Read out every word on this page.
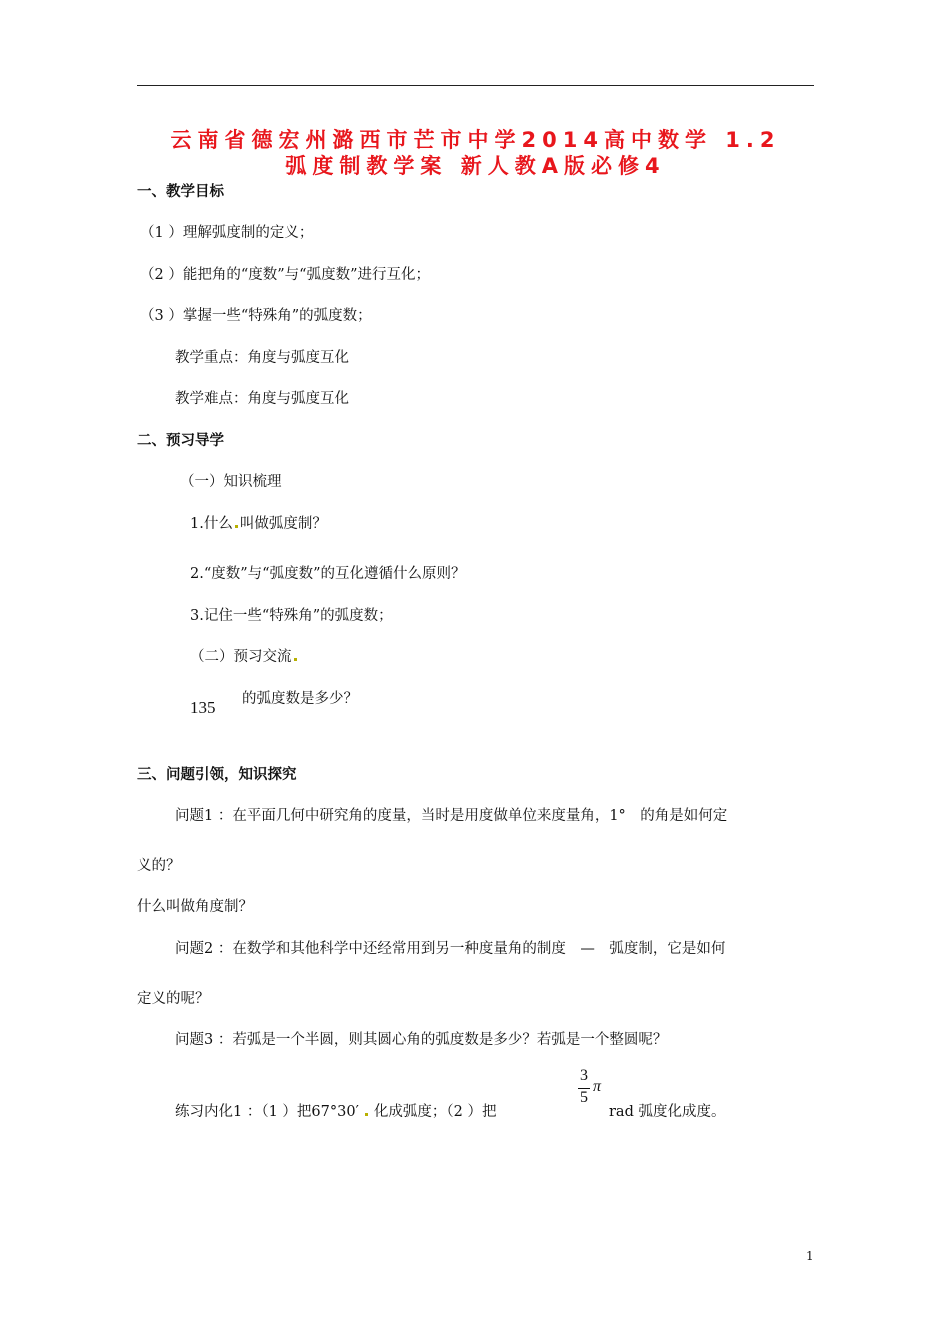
云南省德宏州潞西市芒市中学2014高中数学 1.2
弧度制教学案 新人教A版必修4
一、教学目标
（1 ）理解弧度制的定义；
（2 ）能把角的“度数”与“弧度数”进行互化；
（3 ）掌握一些“特殊角”的弧度数；
教学重点：角度与弧度互化
教学难点：角度与弧度互化
二、预习导学
（一）知识梳理
1.什么 叫做弧度制？
2.“度数”与“弧度数”的互化遵循什么原则？
3.记住一些“特殊角”的弧度数；
（二）预习交流
135 的弧度数是多少？
三、问题引领，知识探究
问题1 ：在平面几何中研究角的度量，当时是用度做单位来度量角，1°　的角是如何定
义的？
什么叫做角度制？
问题2 ：在数学和其他科学中还经常用到另一种度量角的制度　—　弧度制，它是如何
定义的呢？
问题3 ：若弧是一个半圆，则其圆心角的弧度数是多少？若弧是一个整圆呢？
练习内化1 ：（1 ）把67°30′ 化成弧度；（2 ）把
3
5
π
rad 弧度化成度。
1
